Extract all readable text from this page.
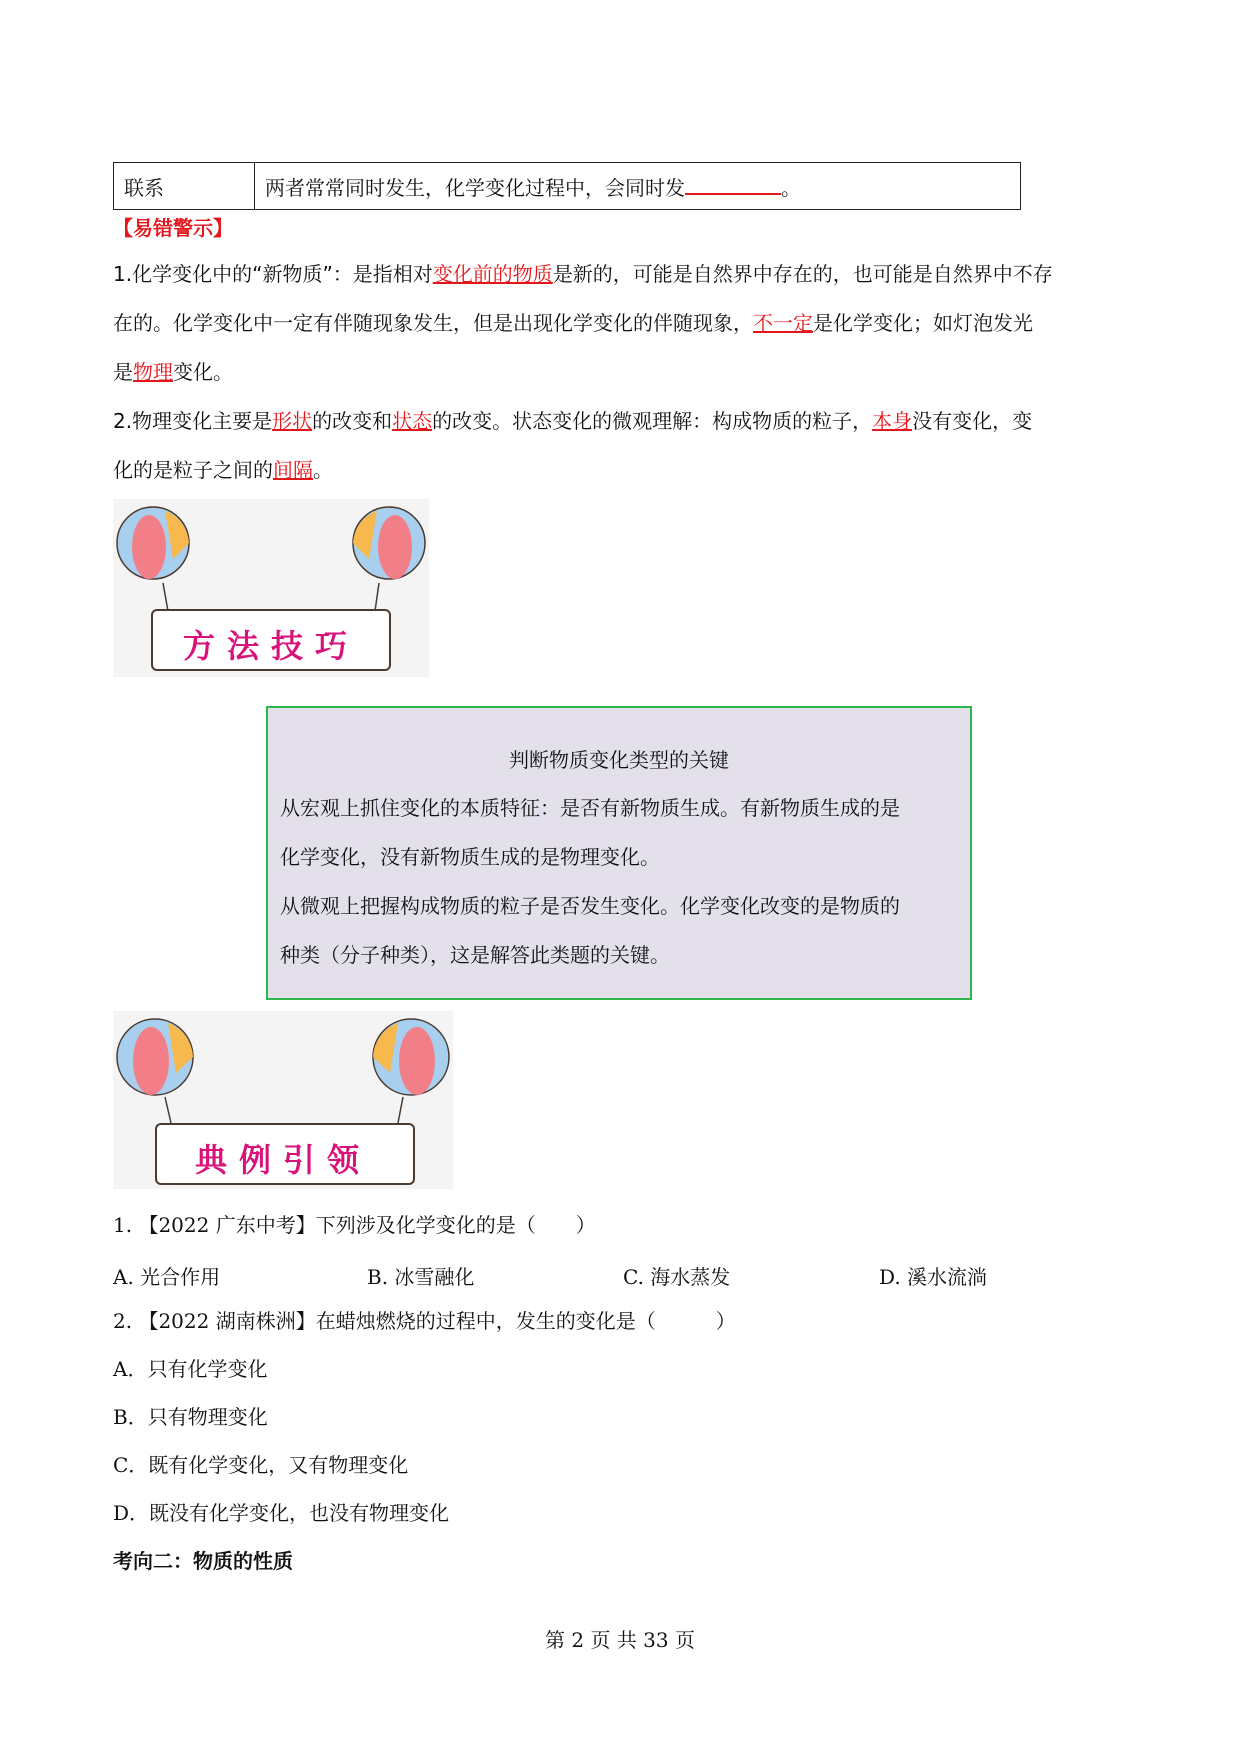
联系	两者常常同时发生，化学变化过程中，会同时发	。
【易错警示】
1.化学变化中的“新物质”：是指相对变化前的物质是新的，可能是自然界中存在的，也可能是自然界中不存
在的。化学变化中一定有伴随现象发生，但是出现化学变化的伴随现象，不一定是化学变化；如灯泡发光
是物理变化。
2.物理变化主要是形状的改变和状态的改变。状态变化的微观理解：构成物质的粒子，本身没有变化，变
化的是粒子之间的间隔。
方法技巧
判断物质变化类型的关键
从宏观上抓住变化的本质特征：是否有新物质生成。有新物质生成的是
化学变化，没有新物质生成的是物理变化。
从微观上把握构成物质的粒子是否发生变化。化学变化改变的是物质的
种类（分子种类），这是解答此类题的关键。
典例引领
1. 【2022 广东中考】下列涉及化学变化的是（　　）
A. 光合作用	B. 冰雪融化	C. 海水蒸发	D. 溪水流淌
2. 【2022 湖南株洲】在蜡烛燃烧的过程中，发生的变化是（　　　）
A．只有化学变化
B．只有物理变化
C．既有化学变化，又有物理变化
D．既没有化学变化，也没有物理变化
考向二：物质的性质
第 2 页 共 33 页
